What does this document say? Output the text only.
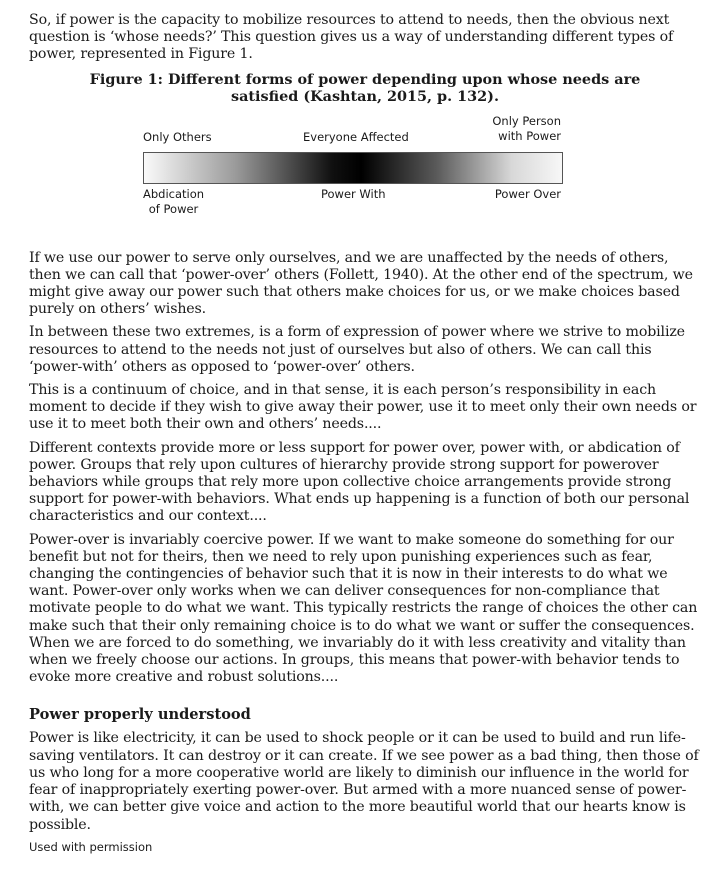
So, if power is the capacity to mobilize resources to attend to needs, then the obvious next question is ‘whose needs?’ This question gives us a way of understanding different types of power, represented in Figure 1.

Figure 1: Different forms of power depending upon whose needs are satisfied (Kashtan, 2015, p. 132).
Only Others	Everyone Affected
Only Person
with Power
Abdication
of Power
Power With	Power Over

If we use our power to serve only ourselves, and we are unaffected by the needs of others, then we can call that ‘power-over’ others (Follett, 1940). At the other end of the spectrum, we might give away our power such that others make choices for us, or we make choices based purely on others’ wishes.

In between these two extremes, is a form of expression of power where we strive to mobilize resources to attend to the needs not just of ourselves but also of others. We can call this ‘power-with’ others as opposed to ‘power-over’ others.

This is a continuum of choice, and in that sense, it is each person’s responsibility in each moment to decide if they wish to give away their power, use it to meet only their own needs or use it to meet both their own and others’ needs....

Different contexts provide more or less support for power over, power with, or abdication of power. Groups that rely upon cultures of hierarchy provide strong support for powerover behaviors while groups that rely more upon collective choice arrangements provide strong support for power-with behaviors. What ends up happening is a function of both our personal characteristics and our context....

Power-over is invariably coercive power. If we want to make someone do something for our benefit but not for theirs, then we need to rely upon punishing experiences such as fear, changing the contingencies of behavior such that it is now in their interests to do what we want. Power-over only works when we can deliver consequences for non-compliance that motivate people to do what we want. This typically restricts the range of choices the other can make such that their only remaining choice is to do what we want or suffer the consequences. When we are forced to do something, we invariably do it with less creativity and vitality than when we freely choose our actions. In groups, this means that power-with behavior tends to evoke more creative and robust solutions....

Power properly understood

Power is like electricity, it can be used to shock people or it can be used to build and run life-saving ventilators. It can destroy or it can create. If we see power as a bad thing, then those of us who long for a more cooperative world are likely to diminish our influence in the world for fear of inappropriately exerting power-over. But armed with a more nuanced sense of power-with, we can better give voice and action to the more beautiful world that our hearts know is possible.

Used with permission
